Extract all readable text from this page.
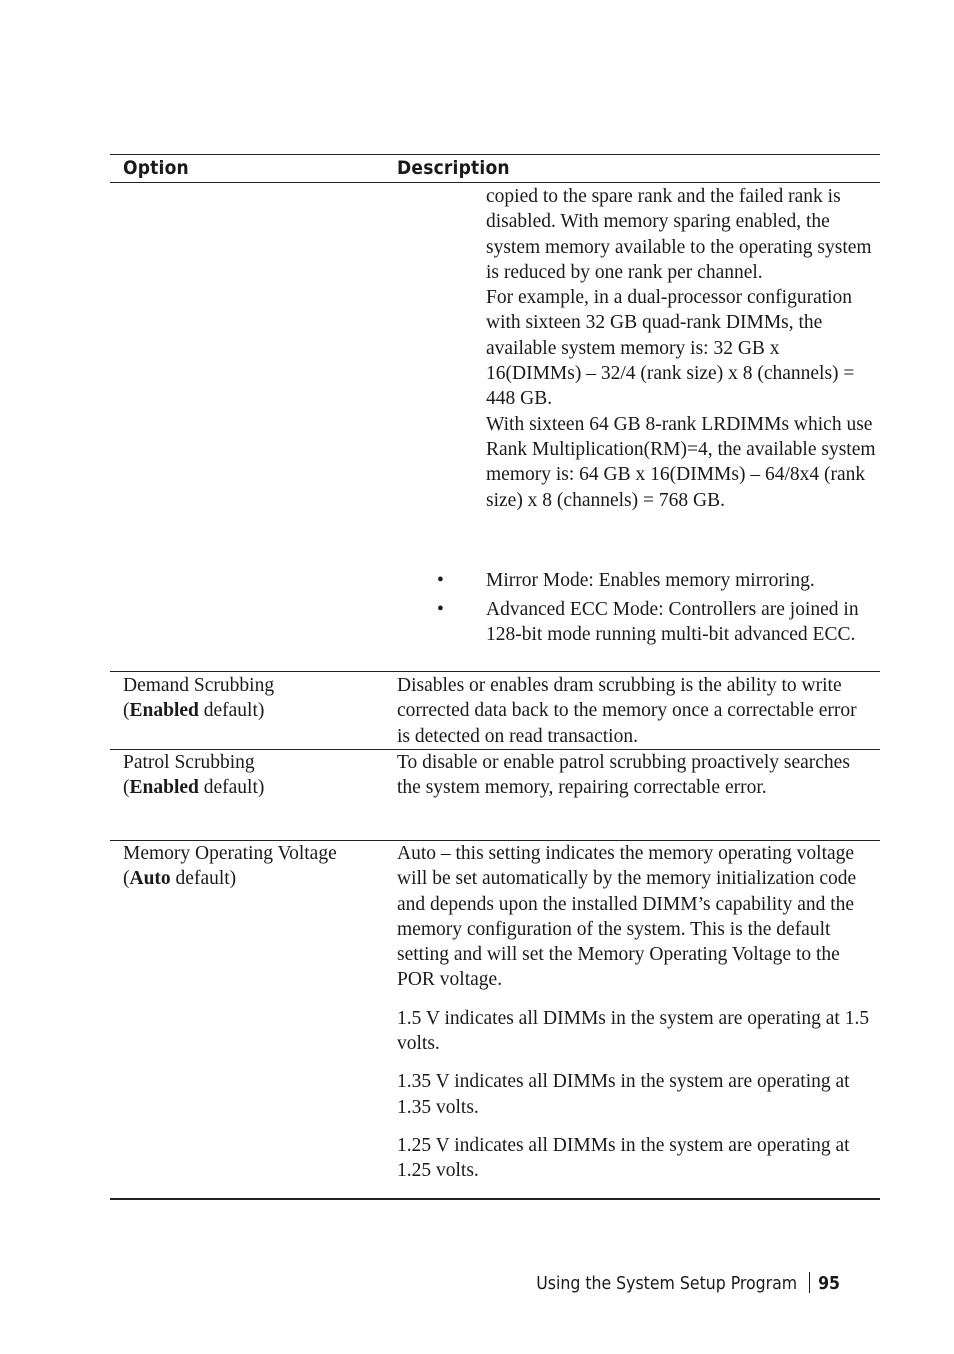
Option	Description

copied to the spare rank and the failed rank is disabled. With memory sparing enabled, the system memory available to the operating system is reduced by one rank per channel.

For example, in a dual-processor configuration with sixteen 32 GB quad-rank DIMMs, the available system memory is: 32 GB x 16(DIMMs) – 32/4 (rank size) x 8 (channels) = 448 GB.

With sixteen 64 GB 8-rank LRDIMMs which use Rank Multiplication(RM)=4, the available system memory is: 64 GB x 16(DIMMs) – 64/8x4 (rank size) x 8 (channels) = 768 GB.

• Mirror Mode: Enables memory mirroring.
• Advanced ECC Mode: Controllers are joined in 128-bit mode running multi-bit advanced ECC.
Demand Scrubbing
(Enabled default)

Disables or enables dram scrubbing is the ability to write corrected data back to the memory once a correctable error is detected on read transaction.

Patrol Scrubbing
(Enabled default)

To disable or enable patrol scrubbing proactively searches the system memory, repairing correctable error.

Memory Operating Voltage
(Auto default)

Auto – this setting indicates the memory operating voltage will be set automatically by the memory initialization code and depends upon the installed DIMM’s capability and the memory configuration of the system. This is the default setting and will set the Memory Operating Voltage to the POR voltage.

1.5 V indicates all DIMMs in the system are operating at 1.5 volts.

1.35 V indicates all DIMMs in the system are operating at 1.35 volts.

1.25 V indicates all DIMMs in the system are operating at 1.25 volts.

Using the System Setup Program 95
